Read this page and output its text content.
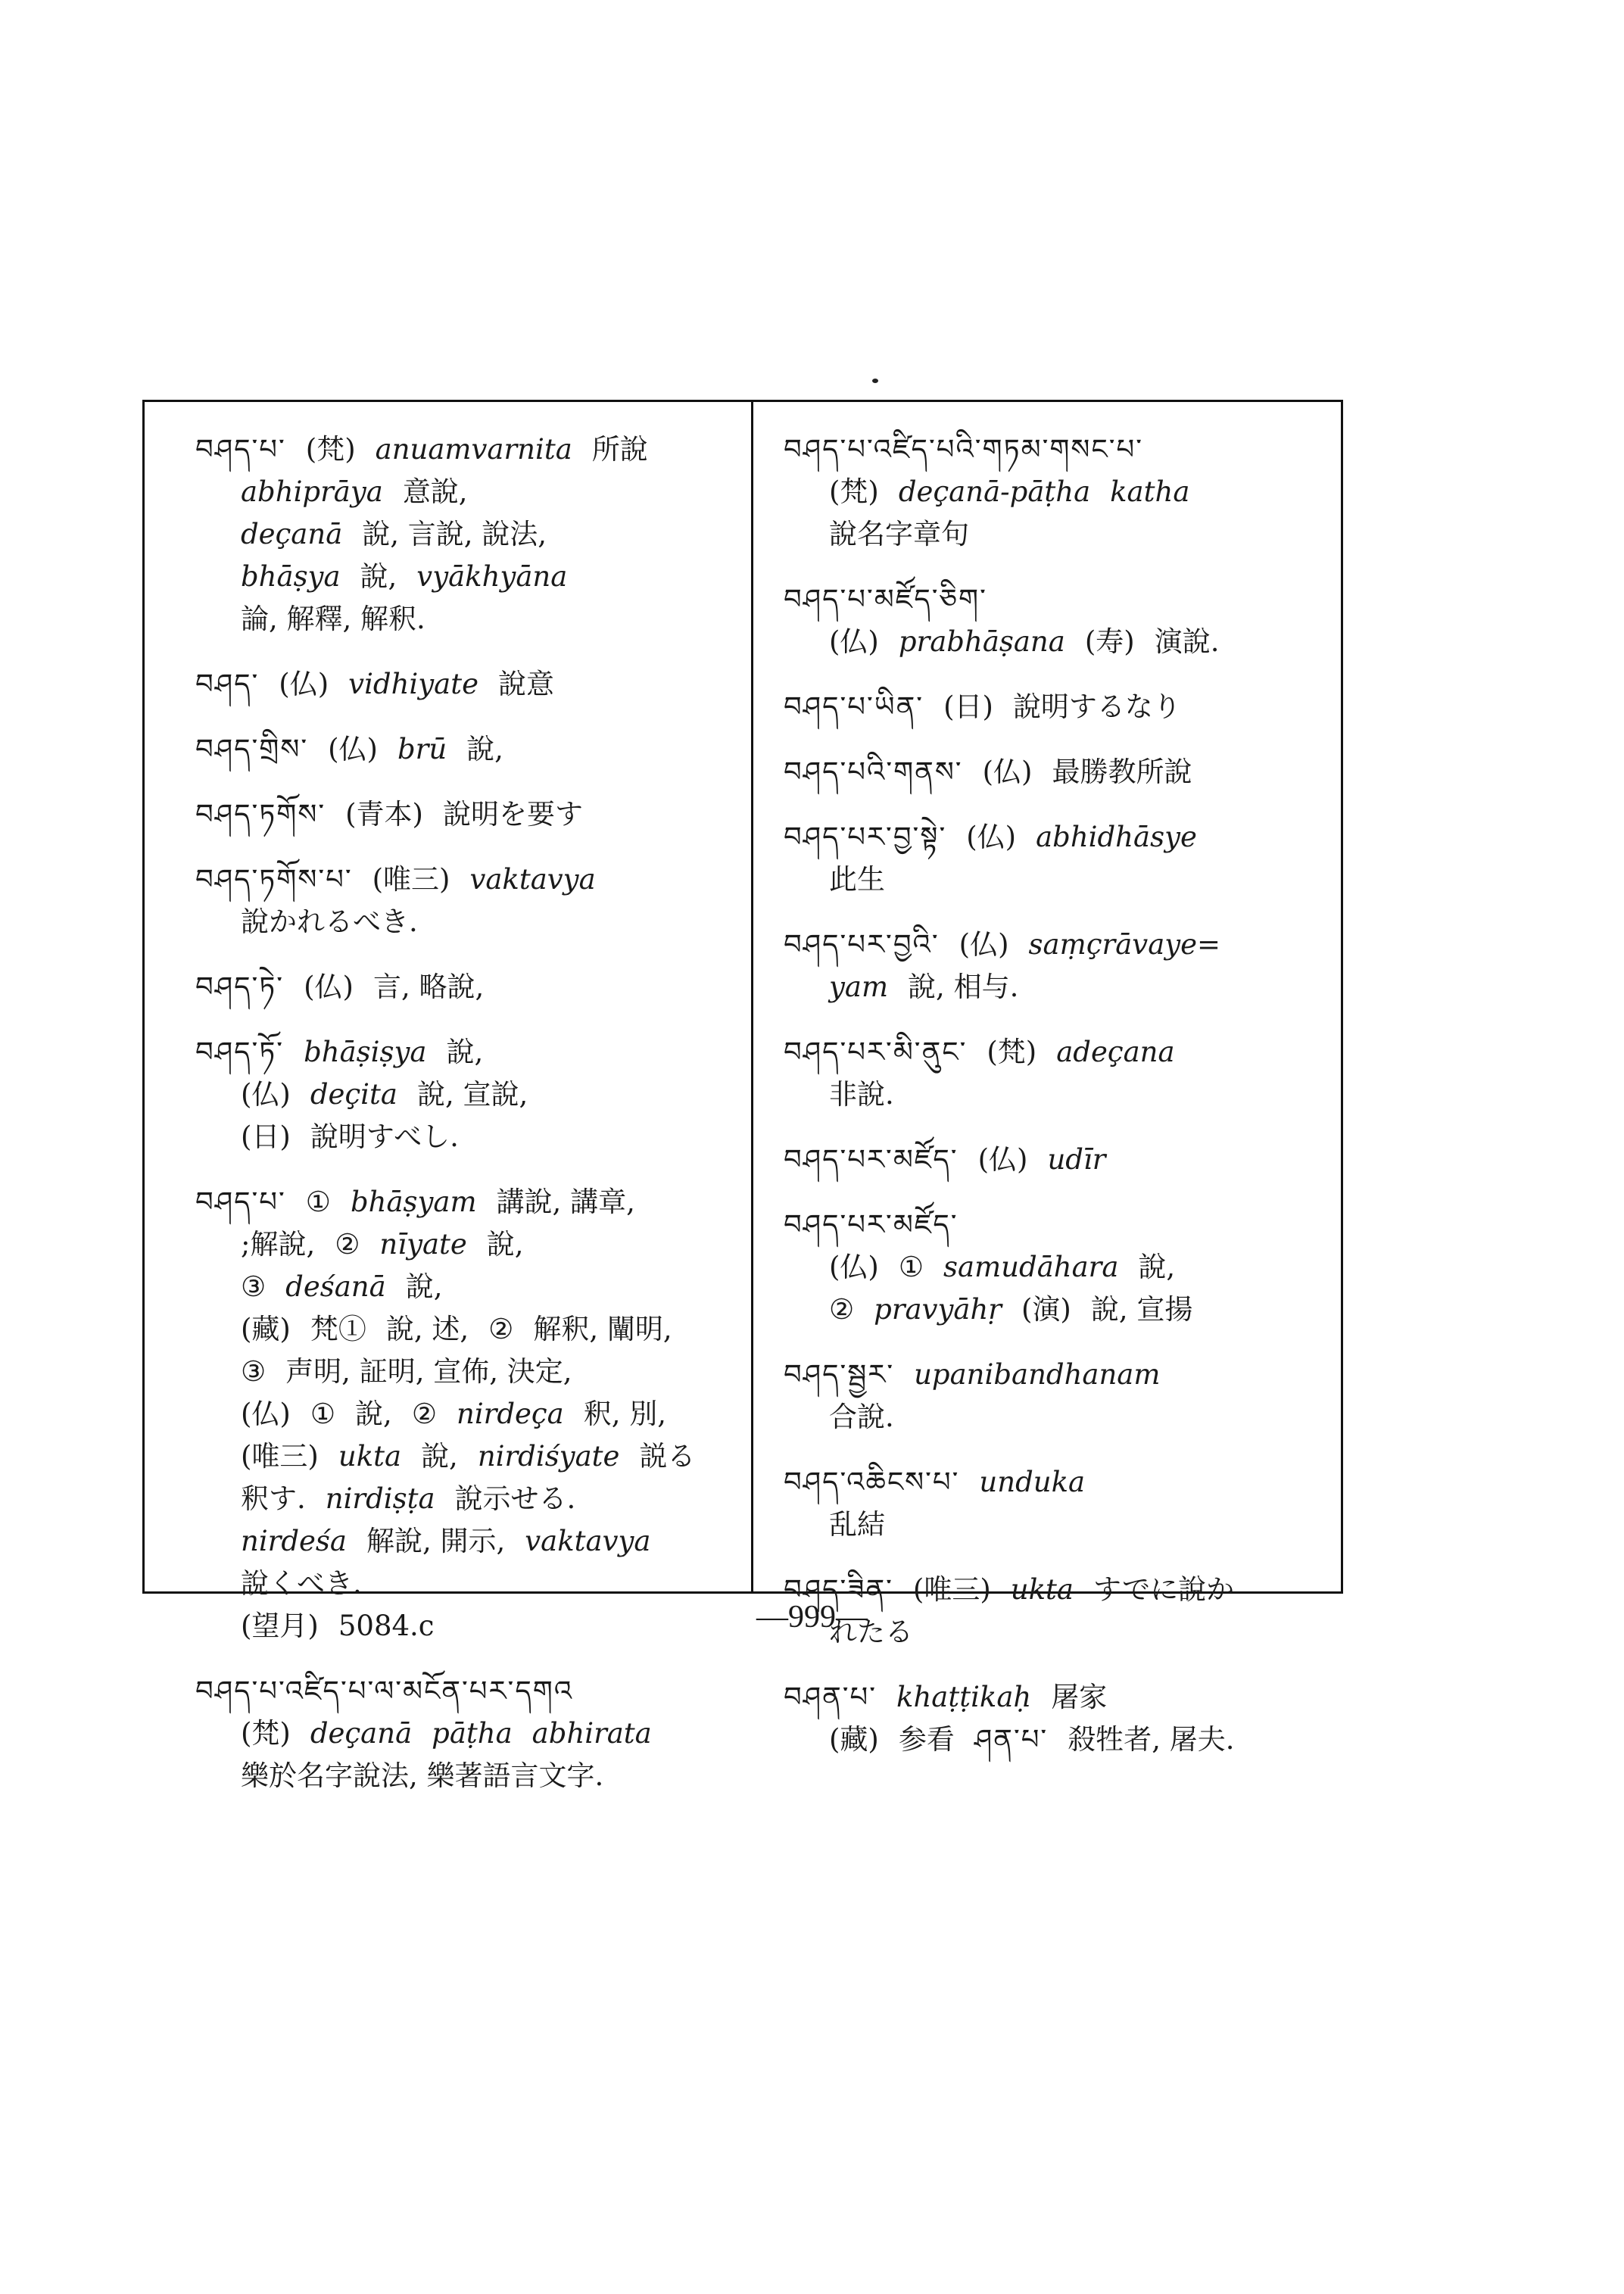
བཤད་པ་ (梵) anuamvarnita 所說
abhiprāya 意說,
deçanā 說, 言說, 說法,
bhāṣya 說, vyākhyāna
論, 解釋, 解釈.
བཤད་ (仏) vidhiyate 說意
བཤད་གྲིས་ (仏) brū 說,
བཤད་ཏགོས་ (青本) 說明を要す
བཤད་ཏགོས་པ་ (唯三) vaktavya
說かれるべき.
བཤད་ཏེ་ (仏) 言, 略說,
བཤད་ཏོ་ bhāṣiṣya 說,
(仏) deçita 說, 宣說,
(日) 說明すべし.
བཤད་པ་ ① bhāṣyam 講說, 講章,
;解說, ② nīyate 說,
③ deśanā 說,
(藏) 梵① 說, 述, ② 解釈, 闡明,
③ 声明, 証明, 宣佈, 決定,
(仏) ① 說, ② nirdeça 釈, 別,
(唯三) ukta 說, nirdiśyate 説る
釈す. nirdiṣṭa 說示せる.
nirdeśa 解說, 開示, vaktavya
說くべき.
(望月) 5084.c
བཤད་པ་འཛིད་པ་ལ་མངོན་པར་དགའ
(梵) deçanā pāṭha abhirata
樂於名字說法, 樂著語言文字.
བཤད་པ་འཛིད་པའི་གཏམ་གསང་པ་
(梵) deçanā-pāṭha katha
說名字章句
བཤད་པ་མཛོད་ཅིག་
(仏) prabhāṣana (寿) 演說.
བཤད་པ་ཡིན་ (日) 說明するなり
བཤད་པའི་གནས་ (仏) 最勝教所說
བཤད་པར་བྱ་སྟེ་ (仏) abhidhāsye
此生
བཤད་པར་བྱའི་ (仏) saṃçrāvaye=
yam 說, 相与.
བཤད་པར་མི་ནུང་ (梵) adeçana
非說.
བཤད་པར་མཛོད་ (仏) udīr
བཤད་པར་མཛོད་
(仏) ① samudāhara 說,
② pravyāhṛ (演) 說, 宣揚
བཤད་སྦྱར་ upanibandhanam
合說.
བཤད་འཆིངས་པ་ unduka
乱結
བཤད་ཟིན་ (唯三) ukta すでに說か
れたる
བཤན་པ་ khaṭṭikaḥ 屠家
(藏) 参看 ཤན་པ་ 殺牲者, 屠夫.
—999—
